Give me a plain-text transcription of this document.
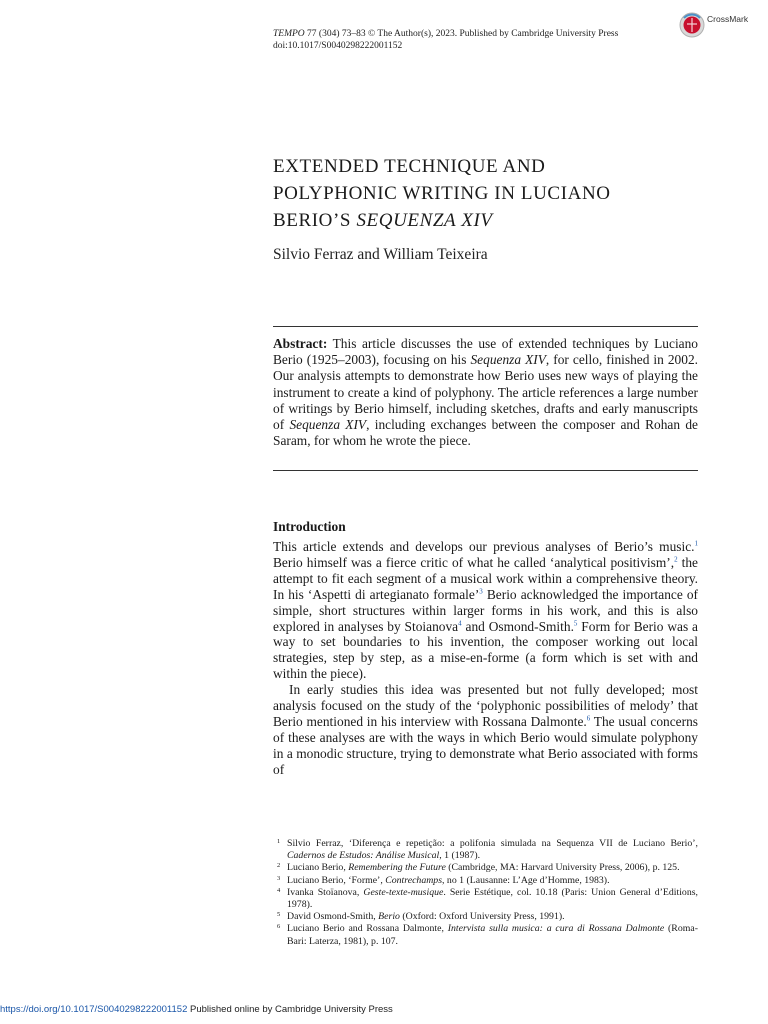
TEMPO 77 (304) 73–83 © The Author(s), 2023. Published by Cambridge University Press
doi:10.1017/S0040298222001152
CrossMark
EXTENDED TECHNIQUE AND
POLYPHONIC WRITING IN LUCIANO
BERIO’S SEQUENZA XIV
Silvio Ferraz and William Teixeira
Abstract: This article discusses the use of extended techniques by Luciano Berio (1925–2003), focusing on his Sequenza XIV, for cello, finished in 2002. Our analysis attempts to demonstrate how Berio uses new ways of playing the instrument to create a kind of polyphony. The article references a large number of writings by Berio himself, including sketches, drafts and early manuscripts of Sequenza XIV, including exchanges between the composer and Rohan de Saram, for whom he wrote the piece.
Introduction

This article extends and develops our previous analyses of Berio’s music.$^1$ Berio himself was a fierce critic of what he called ‘analytical positivism’,$^2$ the attempt to fit each segment of a musical work within a comprehensive theory. In his ‘Aspetti di artegianato formale’$^3$ Berio acknowledged the importance of simple, short structures within larger forms in his work, and this is also explored in analyses by Stoianova$^4$ and Osmond-Smith.$^5$ Form for Berio was a way to set boundaries to his invention, the composer working out local strategies, step by step, as a mise-en-forme (a form which is set with and within the piece).

In early studies this idea was presented but not fully developed; most analysis focused on the study of the ‘polyphonic possibilities of melody’ that Berio mentioned in his interview with Rossana Dalmonte.$^6$ The usual concerns of these analyses are with the ways in which Berio would simulate polyphony in a monodic structure, trying to demonstrate what Berio associated with forms of

1 Silvio Ferraz, ‘Diferença e repetição: a polifonia simulada na Sequenza VII de Luciano Berio’, Cadernos de Estudos: Análise Musical, 1 (1987).
2 Luciano Berio, Remembering the Future (Cambridge, MA: Harvard University Press, 2006), p. 125.
3 Luciano Berio, ‘Forme’, Contrechamps, no 1 (Lausanne: L’Age d’Homme, 1983).
4 Ivanka Stoïanova, Geste-texte-musique. Serie Estétique, col. 10.18 (Paris: Union General d’Editions, 1978).
5 David Osmond-Smith, Berio (Oxford: Oxford University Press, 1991).
6 Luciano Berio and Rossana Dalmonte, Intervista sulla musica: a cura di Rossana Dalmonte (Roma-Bari: Laterza, 1981), p. 107.
https://doi.org/10.1017/S0040298222001152 Published online by Cambridge University Press
